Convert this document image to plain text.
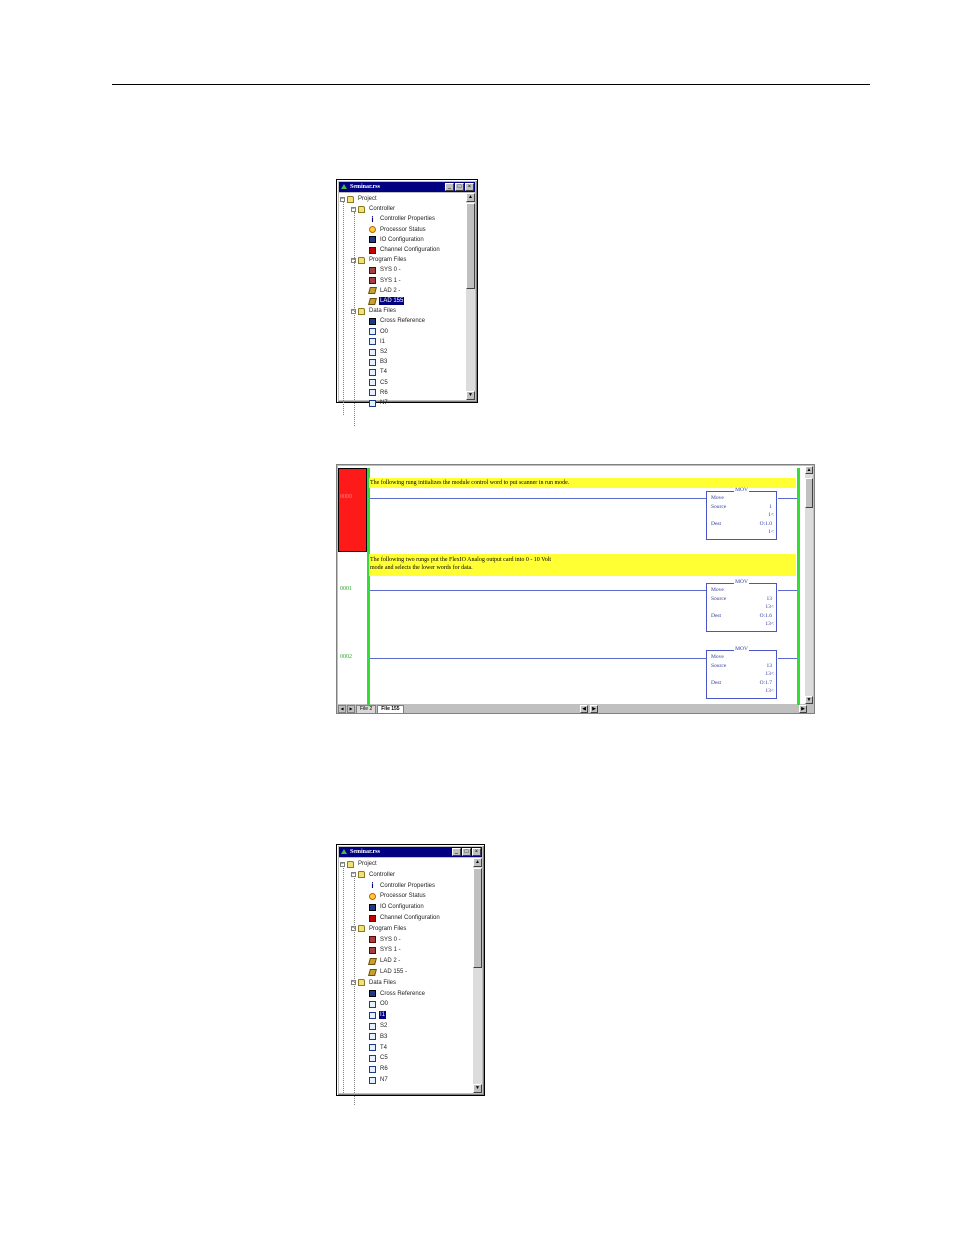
Seminar.rss	_	□	×
− Project
− Controller
i	Controller Properties
Processor Status
IO Configuration
Channel Configuration
− Program Files
SYS 0 -
SYS 1 -
LAD 2 -
LAD 155
− Data Files
Cross Reference
O0
I1
S2
B3
T4
C5
R6
N7
▲
▼
The following rung initializes the module control word to put scanner in run mode.
0000
MOV
Move
Source	1
1<
Dest	O:1.0
1<
The following two rungs put the FlexIO Analog output card into 0 - 10 Volt
mode and selects the lower words for data.
0001
MOV
Move
Source	13
13<
Dest	O:1.6
13<
0002
MOV
Move
Source	13
13<
Dest	O:1.7
13<
▲
▼
◀	▶	File 2	File 155	◀	▶	▶
Seminar.rss	_	□	×
− Project
− Controller
i	Controller Properties
Processor Status
IO Configuration
Channel Configuration
− Program Files
SYS 0 -
SYS 1 -
LAD 2 -
LAD 155 -
− Data Files
Cross Reference
O0
I1
S2
B3
T4
C5
R6
N7
▲
▼
